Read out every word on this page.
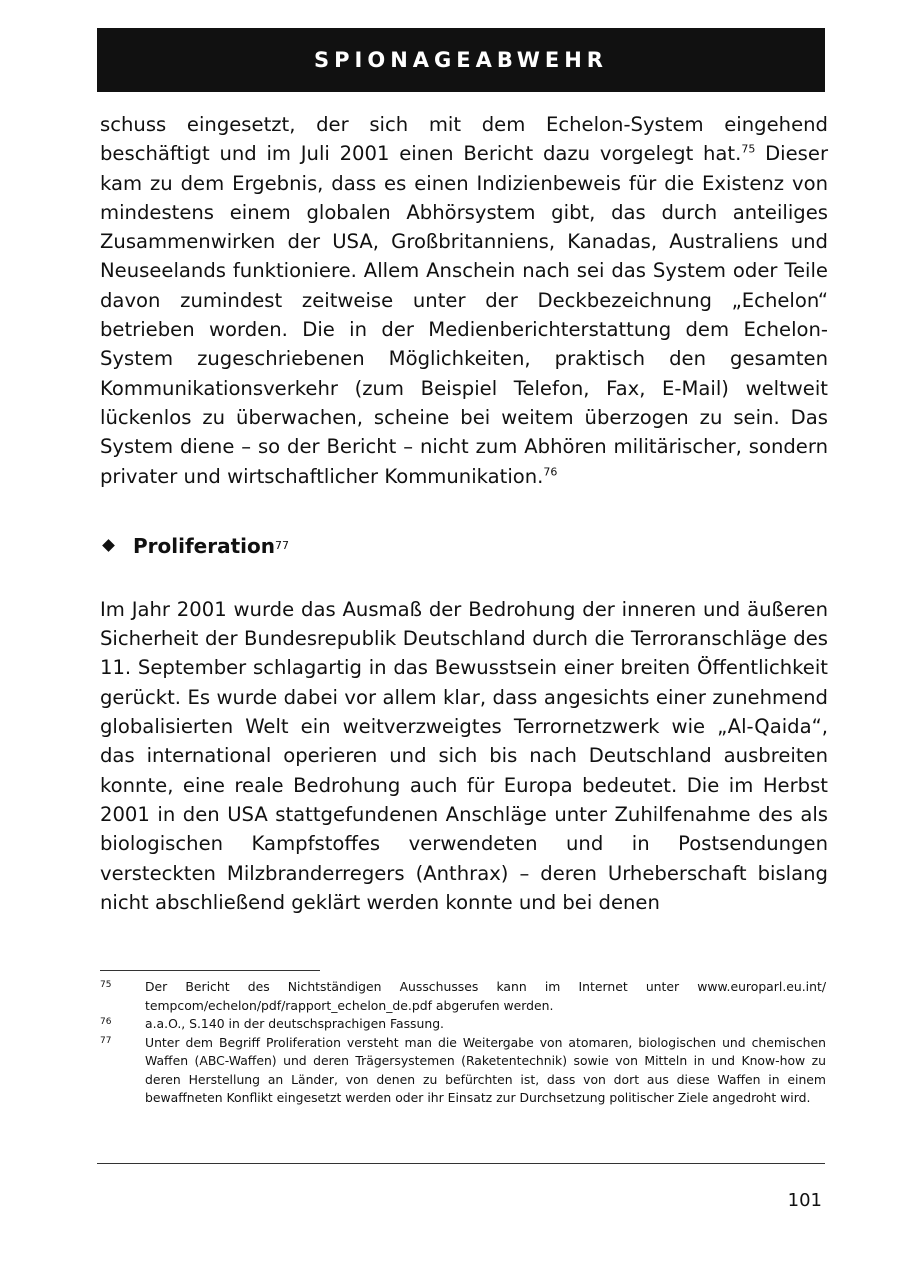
SPIONAGEABWEHR

schuss eingesetzt, der sich mit dem Echelon-System eingehend beschäftigt und im Juli 2001 einen Bericht dazu vorgelegt hat.$^{75}$ Dieser kam zu dem Ergebnis, dass es einen Indizienbeweis für die Existenz von mindestens einem globalen Abhörsystem gibt, das durch anteiliges Zusammenwirken der USA, Großbritanniens, Kanadas, Australiens und Neuseelands funktioniere. Allem Anschein nach sei das System oder Teile davon zumindest zeitweise unter der Deckbezeichnung „Echelon“ betrieben worden. Die in der Medienberichterstattung dem Echelon-System zugeschriebenen Möglichkeiten, praktisch den gesamten Kommunikationsverkehr (zum Beispiel Telefon, Fax, E-Mail) weltweit lückenlos zu überwachen, scheine bei weitem überzogen zu sein. Das System diene – so der Bericht – nicht zum Abhören militärischer, sondern privater und wirtschaftlicher Kommunikation.$^{76}$

Proliferation 77

Im Jahr 2001 wurde das Ausmaß der Bedrohung der inneren und äußeren Sicherheit der Bundesrepublik Deutschland durch die Terroranschläge des 11. September schlagartig in das Bewusstsein einer breiten Öffentlichkeit gerückt. Es wurde dabei vor allem klar, dass angesichts einer zunehmend globalisierten Welt ein weitverzweigtes Terrornetzwerk wie „Al-Qaida“, das international operieren und sich bis nach Deutschland ausbreiten konnte, eine reale Bedrohung auch für Europa bedeutet. Die im Herbst 2001 in den USA stattgefundenen Anschläge unter Zuhilfenahme des als biologischen Kampfstoffes verwendeten und in Postsendungen versteckten Milzbranderregers (Anthrax) – deren Urheberschaft bislang nicht abschließend geklärt werden konnte und bei denen

75	Der Bericht des Nichtständigen Ausschusses kann im Internet unter www.europarl.eu.int/ tempcom/echelon/pdf/rapport_echelon_de.pdf abgerufen werden.
76	a.a.O., S.140 in der deutschsprachigen Fassung.
77	Unter dem Begriff Proliferation versteht man die Weitergabe von atomaren, biologischen und chemischen Waffen (ABC-Waffen) und deren Trägersystemen (Raketentechnik) sowie von Mitteln in und Know-how zu deren Herstellung an Länder, von denen zu befürchten ist, dass von dort aus diese Waffen in einem bewaffneten Konflikt eingesetzt werden oder ihr Einsatz zur Durchsetzung politischer Ziele angedroht wird.
101
